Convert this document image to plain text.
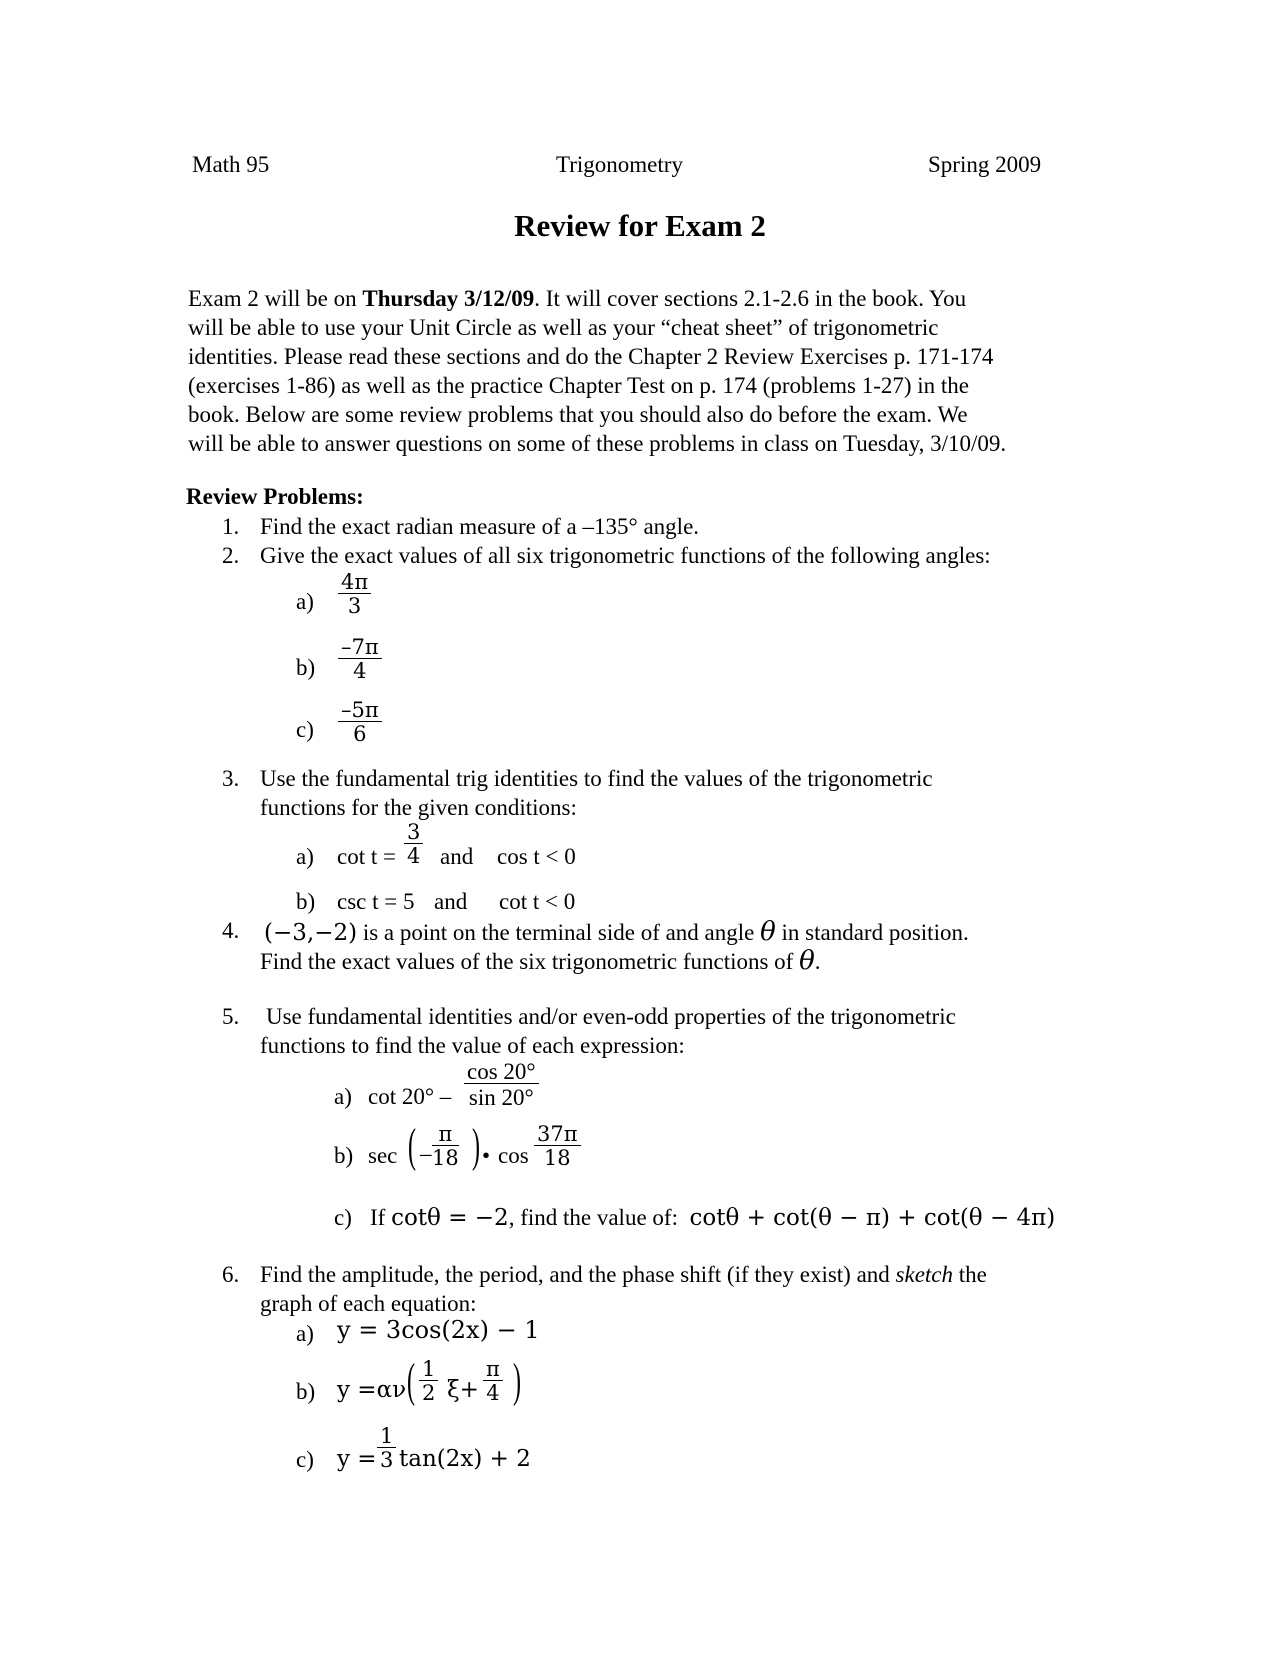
Math 95	Trigonometry	Spring 2009
Review for Exam 2
Exam 2 will be on Thursday 3/12/09. It will cover sections 2.1-2.6 in the book. You
will be able to use your Unit Circle as well as your “cheat sheet” of trigonometric
identities. Please read these sections and do the Chapter 2 Review Exercises p. 171-174
(exercises 1-86) as well as the practice Chapter Test on p. 174 (problems 1-27) in the
book. Below are some review problems that you should also do before the exam. We
will be able to answer questions on some of these problems in class on Tuesday, 3/10/09.
Review Problems:
1. Find the exact radian measure of a –135° angle.
2. Give the exact values of all six trigonometric functions of the following angles:
$a) \frac{4\pi}{3}$
$b) \frac{-7\pi}{4}$
$c) \frac{-5\pi}{6}$
3. Use the fundamental trig identities to find the values of the trigonometric
functions for the given conditions:
a) $\cot t = \frac{3}{4}$ and cos t < 0
b) csc t = 5 and cot t < 0
4. (−3,−2) is a point on the terminal side of and angle θ in standard position.
Find the exact values of the six trigonometric functions of θ.
5. Use fundamental identities and/or even-odd properties of the trigonometric
functions to find the value of each expression:
a) $\cot 20^\circ - \frac{\cos 20^\circ}{\sin 20^\circ}$
b) sec ( – $\frac{\pi}{18}$ ) • $\cos \frac{37\pi}{18}$
c) If cotθ = −2, find the value of: cotθ + cot(θ − π) + cot(θ − 4π)
6. Find the amplitude, the period, and the phase shift (if they exist) and sketch the
graph of each equation:
a) y = 3cos(2x) − 1
b) y =αν ( $\frac{1}{2} \xi+ \frac{\pi}{4}$ )
c) $y = \frac{1}{3} \tan(2x) + 2$
